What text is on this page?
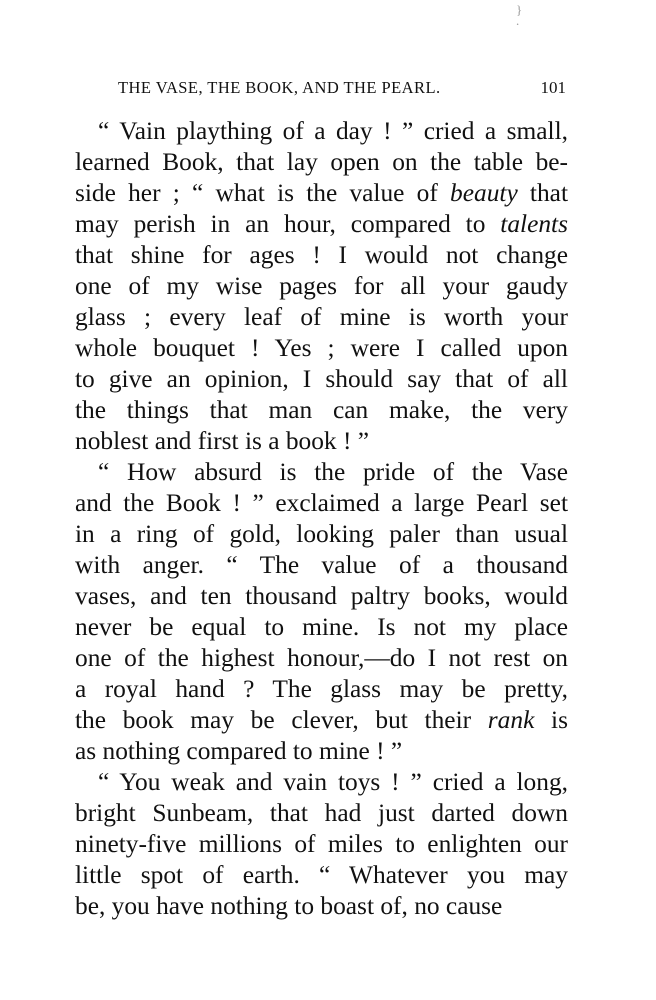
} .
THE VASE, THE BOOK, AND THE PEARL.	101
“ Vain plaything of a day ! ” cried a small,
learned Book, that lay open on the table be-
side her ; “ what is the value of beauty that
may perish in an hour, compared to talents
that shine for ages ! I would not change
one of my wise pages for all your gaudy
glass ; every leaf of mine is worth your
whole bouquet ! Yes ; were I called upon
to give an opinion, I should say that of all
the things that man can make, the very
noblest and first is a book ! ”
“ How absurd is the pride of the Vase
and the Book ! ” exclaimed a large Pearl set
in a ring of gold, looking paler than usual
with anger. “ The value of a thousand
vases, and ten thousand paltry books, would
never be equal to mine. Is not my place
one of the highest honour,—do I not rest on
a royal hand ? The glass may be pretty,
the book may be clever, but their rank is
as nothing compared to mine ! ”
“ You weak and vain toys ! ” cried a long,
bright Sunbeam, that had just darted down
ninety-five millions of miles to enlighten our
little spot of earth. “ Whatever you may
be, you have nothing to boast of, no cause
